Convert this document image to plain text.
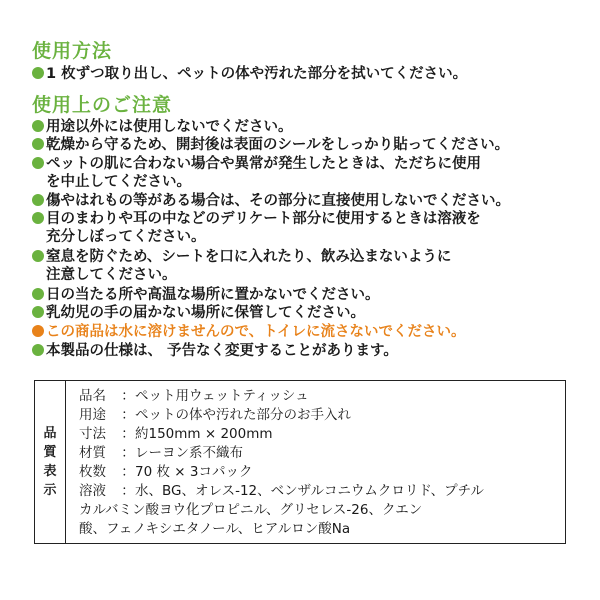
使用方法
1 枚ずつ取り出し、ペットの体や汚れた部分を拭いてください。
使用上のご注意
用途以外には使用しないでください。
乾燥から守るため、開封後は表面のシールをしっかり貼ってください。
ペットの肌に合わない場合や異常が発生したときは、ただちに使用
を中止してください。
傷やはれもの等がある場合は、その部分に直接使用しないでください。
目のまわりや耳の中などのデリケート部分に使用するときは溶液を
充分しぼってください。
窒息を防ぐため、シートを口に入れたり、飲み込まないように
注意してください。
日の当たる所や高温な場所に置かないでください。
乳幼児の手の届かない場所に保管してください。
この商品は水に溶けませんので、トイレに流さないでください。
本製品の仕様は、 予告なく変更することがあります。
品
質
表
示
品名 ：ペット用ウェットティッシュ
用途 ：ペットの体や汚れた部分のお手入れ
寸法 ：約150mm × 200mm
材質 ：レーヨン系不織布
枚数 ：70 枚 × 3コパック
溶液 ：水、BG、オレス-12、ベンザルコニウムクロリド、プチル
カルバミン酸ヨウ化プロピニル、グリセレス-26、クエン
酸、フェノキシエタノール、ヒアルロン酸Na
